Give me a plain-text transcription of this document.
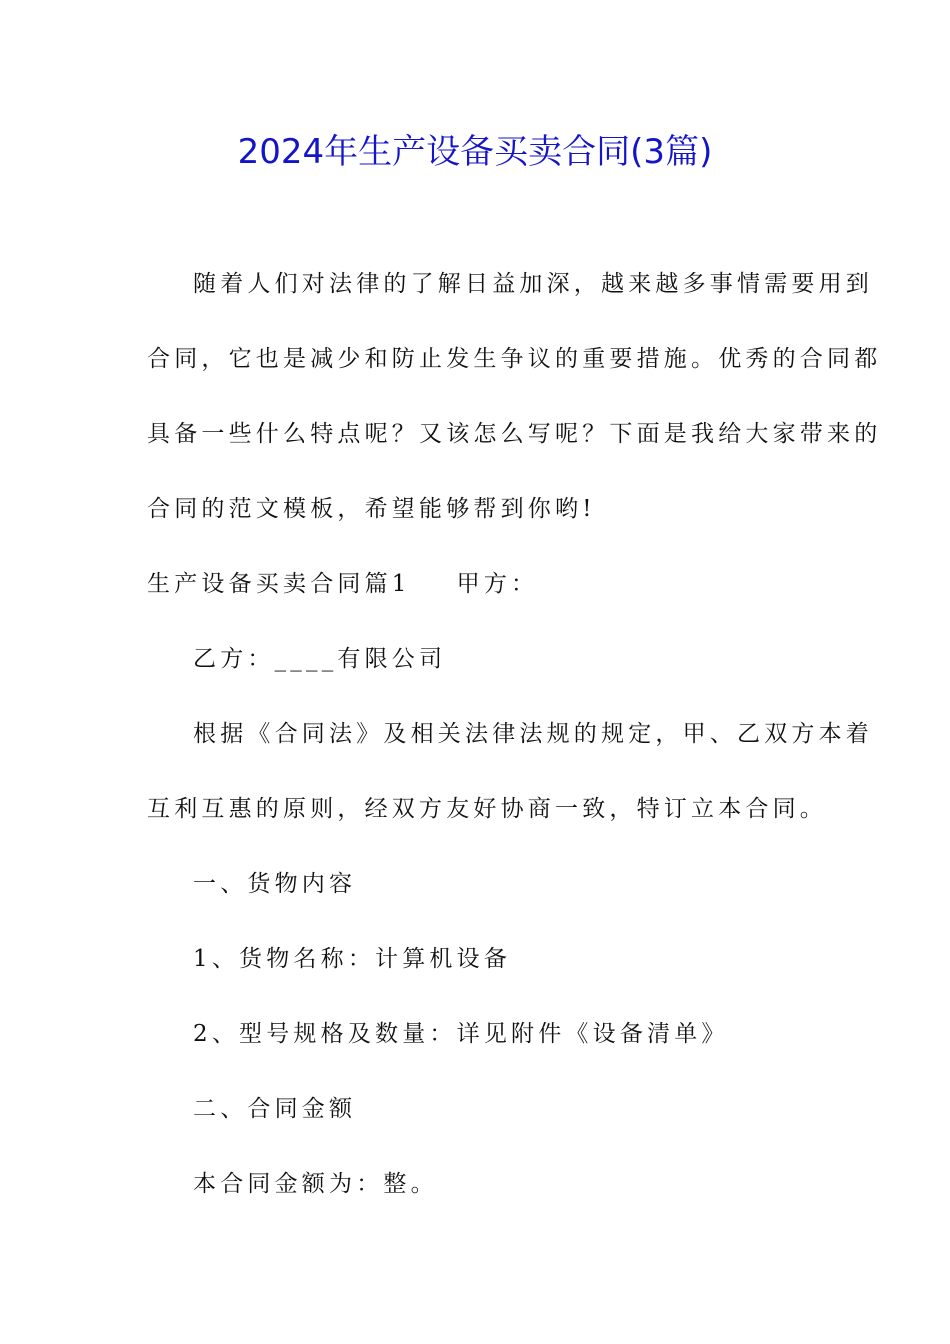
2024年生产设备买卖合同(3篇)
随着人们对法律的了解日益加深，越来越多事情需要用到
合同，它也是减少和防止发生争议的重要措施。优秀的合同都
具备一些什么特点呢？又该怎么写呢？下面是我给大家带来的
合同的范文模板，希望能够帮到你哟!
生产设备买卖合同篇1 甲方：
乙方：____有限公司
根据《合同法》及相关法律法规的规定，甲、乙双方本着
互利互惠的原则，经双方友好协商一致，特订立本合同。
一、货物内容
1、货物名称：计算机设备
2、型号规格及数量：详见附件《设备清单》
二、合同金额
本合同金额为：整。
